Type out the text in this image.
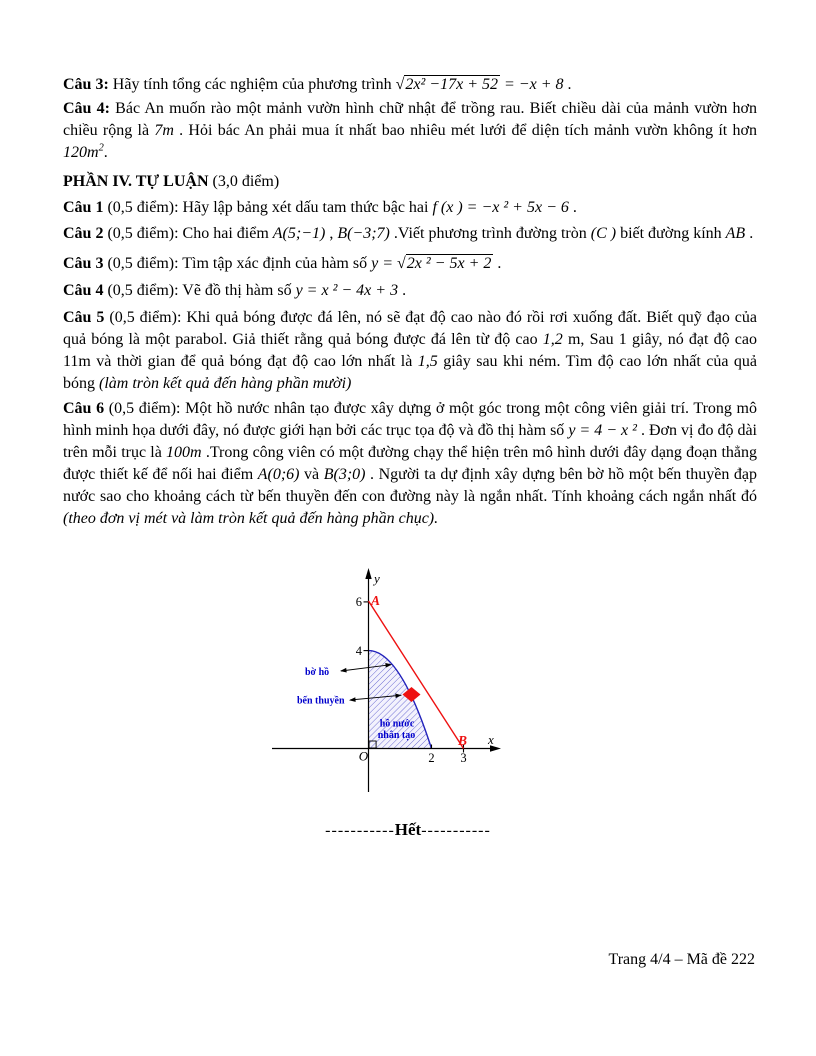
Câu 3: Hãy tính tổng các nghiệm của phương trình √2x² −17x + 52 = −x + 8 .

Câu 4: Bác An muốn rào một mảnh vườn hình chữ nhật để trồng rau. Biết chiều dài của mảnh vườn hơn chiều rộng là 7m . Hỏi bác An phải mua ít nhất bao nhiêu mét lưới để diện tích mảnh vườn không ít hơn $120m^2$.

PHẦN IV. TỰ LUẬN (3,0 điểm)

Câu 1 (0,5 điểm): Hãy lập bảng xét dấu tam thức bậc hai f (x ) = −x ² + 5x − 6 .

Câu 2 (0,5 điểm): Cho hai điểm A(5;−1) , B(−3;7) .Viết phương trình đường tròn (C ) biết đường kính AB .

Câu 3 (0,5 điểm): Tìm tập xác định của hàm số y = √2x ² − 5x + 2 .

Câu 4 (0,5 điểm): Vẽ đồ thị hàm số y = x ² − 4x + 3 .

Câu 5 (0,5 điểm): Khi quả bóng được đá lên, nó sẽ đạt độ cao nào đó rồi rơi xuống đất. Biết quỹ đạo của quả bóng là một parabol. Giả thiết rằng quả bóng được đá lên từ độ cao 1,2 m, Sau 1 giây, nó đạt độ cao 11m và thời gian để quả bóng đạt độ cao lớn nhất là 1,5 giây sau khi ném. Tìm độ cao lớn nhất của quả bóng (làm tròn kết quả đến hàng phần mười)

Câu 6 (0,5 điểm): Một hồ nước nhân tạo được xây dựng ở một góc trong một công viên giải trí. Trong mô hình minh họa dưới đây, nó được giới hạn bởi các trục tọa độ và đồ thị hàm số y = 4 − x ² . Đơn vị đo độ dài trên mỗi trục là 100m .Trong công viên có một đường chạy thể hiện trên mô hình dưới đây dạng đoạn thẳng được thiết kế để nối hai điểm A(0;6) và B(3;0) . Người ta dự định xây dựng bên bờ hồ một bến thuyền đạp nước sao cho khoảng cách từ bến thuyền đến con đường này là ngắn nhất. Tính khoảng cách ngắn nhất đó (theo đơn vị mét và làm tròn kết quả đến hàng phần chục).

y
x
6
4
2 3
O
A
B
bờ hồ
bến thuyền
hồ nước
nhân tạo
-----------Hết-----------
Trang 4/4 – Mã đề 222
